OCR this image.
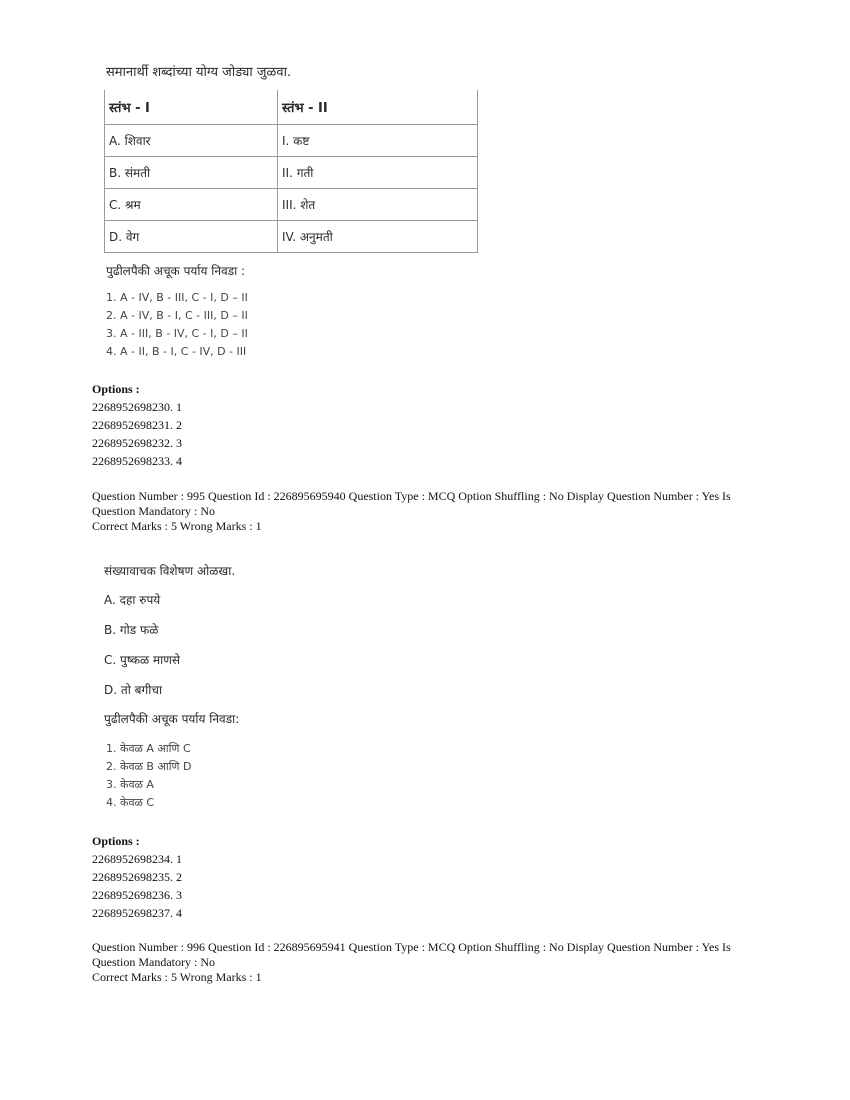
समानार्थी शब्दांच्या योग्य जोड्या जुळवा.
स्तंभ - I	स्तंभ - II
A. शिवार	I. कष्ट
B. संमती	II. गती
C. श्रम	III. शेत
D. वेग	IV. अनुमती
पुढीलपैकी अचूक पर्याय निवडा :
1. A - IV, B - III, C - I, D – II
2. A - IV, B - I, C - III, D – II
3. A - III, B - IV, C - I, D – II
4. A - II, B - I, C - IV, D - III
Options :
2268952698230. 1
2268952698231. 2
2268952698232. 3
2268952698233. 4
Question Number : 995 Question Id : 226895695940 Question Type : MCQ Option Shuffling : No Display Question Number : Yes Is
Question Mandatory : No
Correct Marks : 5 Wrong Marks : 1
संख्यावाचक विशेषण ओळखा.
A. दहा रुपये
B. गोड फळे
C. पुष्कळ माणसे
D. तो बगीचा
पुढीलपैकी अचूक पर्याय निवडा:
1. केवळ A आणि C
2. केवळ B आणि D
3. केवळ A
4. केवळ C
Options :
2268952698234. 1
2268952698235. 2
2268952698236. 3
2268952698237. 4
Question Number : 996 Question Id : 226895695941 Question Type : MCQ Option Shuffling : No Display Question Number : Yes Is
Question Mandatory : No
Correct Marks : 5 Wrong Marks : 1
